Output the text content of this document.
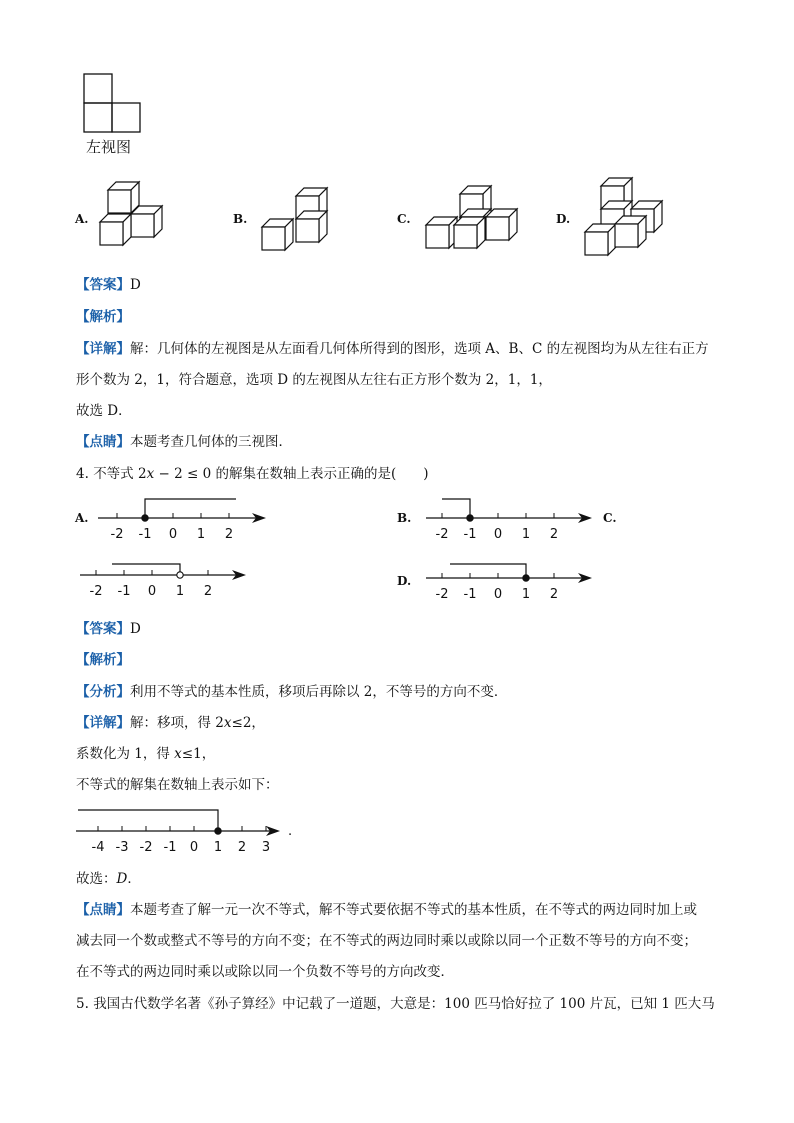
左视图
A.	B.	C.	D.
【答案】D
【解析】
【详解】解：几何体的左视图是从左面看几何体所得到的图形，选项 A、B、C 的左视图均为从左往右正方
形个数为 2，1，符合题意，选项 D 的左视图从左往右正方形个数为 2，1，1，
故选 D．
【点睛】本题考查几何体的三视图．
4. 不等式 2x − 2 ≤ 0 的解集在数轴上表示正确的是(　　)
A.	B.	C.
D.
-2 -1 0 1 2	-2 -1 0 1 2
-2 -1 0 1 2	-2 -1 0 1 2
【答案】D
【解析】
【分析】利用不等式的基本性质，移项后再除以 2，不等号的方向不变．
【详解】解：移项，得 2x≤2，
系数化为 1，得 x≤1，
不等式的解集在数轴上表示如下：
-4 -3 -2 -1 0 1 2 3
.
故选：D．
【点睛】本题考查了解一元一次不等式，解不等式要依据不等式的基本性质，在不等式的两边同时加上或
减去同一个数或整式不等号的方向不变；在不等式的两边同时乘以或除以同一个正数不等号的方向不变；
在不等式的两边同时乘以或除以同一个负数不等号的方向改变．
5. 我国古代数学名著《孙子算经》中记载了一道题，大意是：100 匹马恰好拉了 100 片瓦，已知 1 匹大马
